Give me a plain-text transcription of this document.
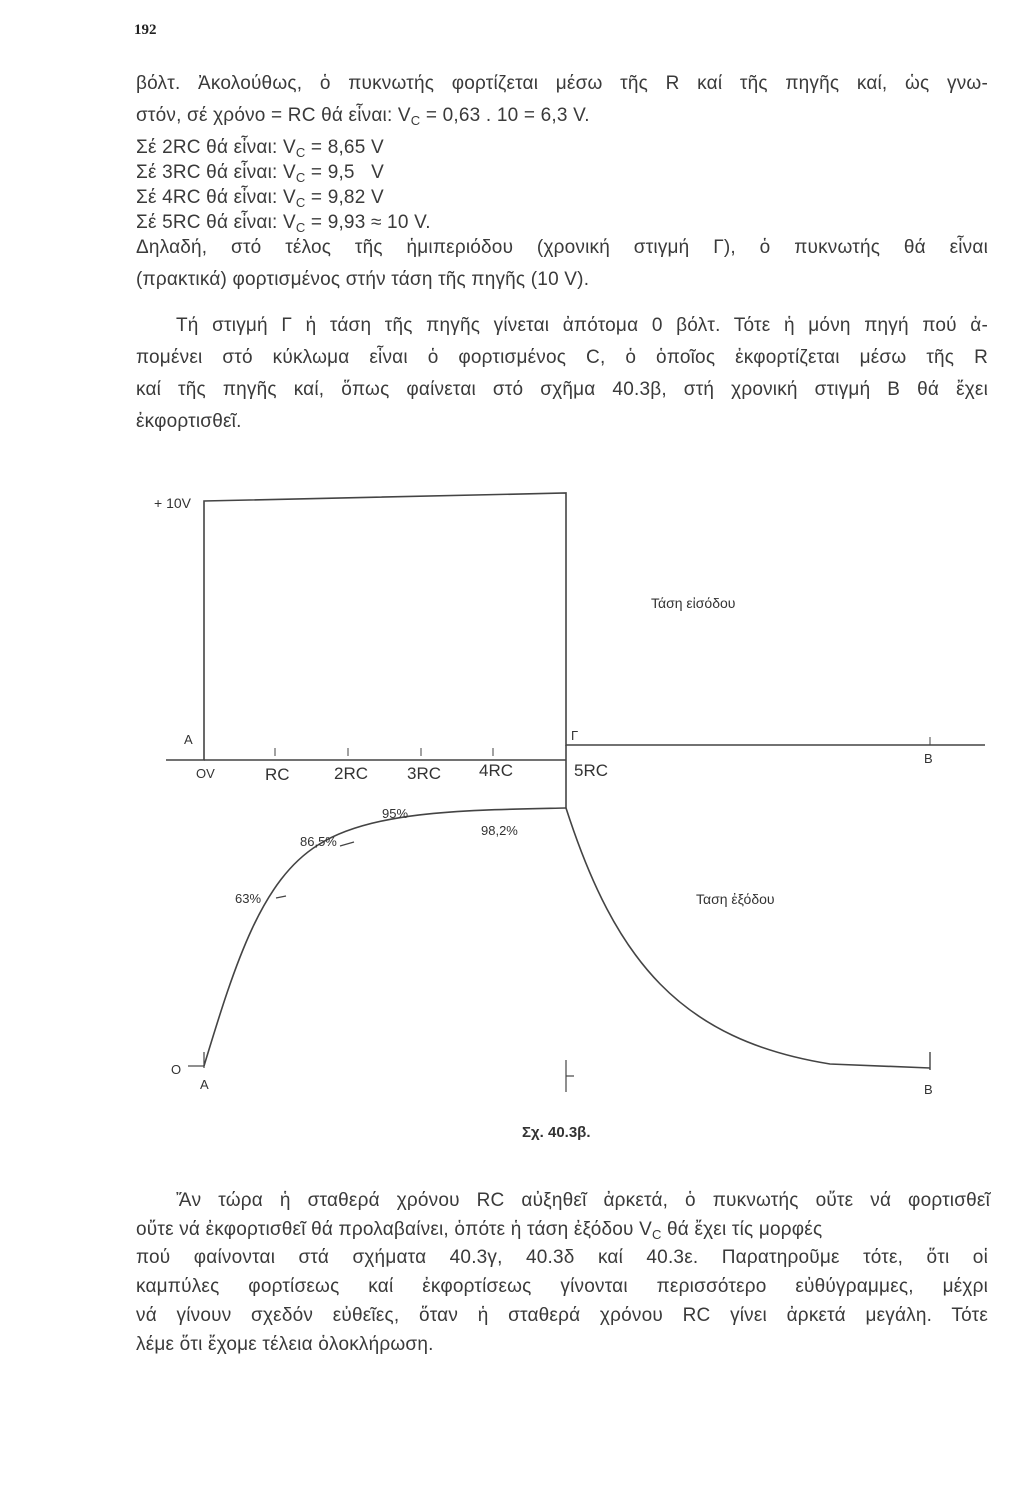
192
βόλτ. Ἀκολούθως, ὁ πυκνωτής φορτίζεται μέσω τῆς R καί τῆς πηγῆς καί, ὡς γνω-
στόν, σέ χρόνο = RC θά εἶναι: $V_C = 0,63$ . 10 = 6,3 V.
Σέ 2RC θά εἶναι: $V_C = 8,65$ V
Σέ 3RC θά εἶναι: $V_C = 9,5$   V
Σέ 4RC θά εἶναι: $V_C = 9,82$ V
Σέ 5RC θά εἶναι: $V_C = 9,93 \approx 10$ V.
Δηλαδή, στό τέλος τῆς ἡμιπεριόδου (χρονική στιγμή Γ), ὁ πυκνωτής θά εἶναι
(πρακτικά) φορτισμένος στήν τάση τῆς πηγῆς (10 V).
Τή στιγμή Γ ἡ τάση τῆς πηγῆς γίνεται ἀπότομα 0 βόλτ. Τότε ἡ μόνη πηγή πού ἀ-
πομένει στό κύκλωμα εἶναι ὁ φορτισμένος C, ὁ ὁποῖος ἐκφορτίζεται μέσω τῆς R
καί τῆς πηγῆς καί, ὅπως φαίνεται στό σχῆμα 40.3β, στή χρονική στιγμή Β θά ἔχει
ἐκφορτισθεῖ.
+ 10V
Τάση εἰσόδου
A	Γ
B
OV	RC	2RC 3RC 4RC	5RC
95%
86,5%
98,2%
63%	Ταση ἐξόδου
O
A	B
Σχ. 40.3β.
Ἄν τώρα ἡ σταθερά χρόνου RC αὐξηθεῖ ἀρκετά, ὁ πυκνωτής οὔτε νά φορτισθεῖ
οὔτε νά ἐκφορτισθεῖ θά προλαβαίνει, ὁπότε ἡ τάση ἐξόδου $V_C$ θά ἔχει τίς μορφές
πού φαίνονται στά σχήματα 40.3γ, 40.3δ καί 40.3ε. Παρατηροῦμε τότε, ὅτι οἱ
καμπύλες φορτίσεως καί ἐκφορτίσεως γίνονται περισσότερο εὐθύγραμμες, μέχρι
νά γίνουν σχεδόν εὐθεῖες, ὅταν ἡ σταθερά χρόνου RC γίνει ἀρκετά μεγάλη. Τότε
λέμε ὅτι ἔχομε τέλεια ὁλοκλήρωση.
